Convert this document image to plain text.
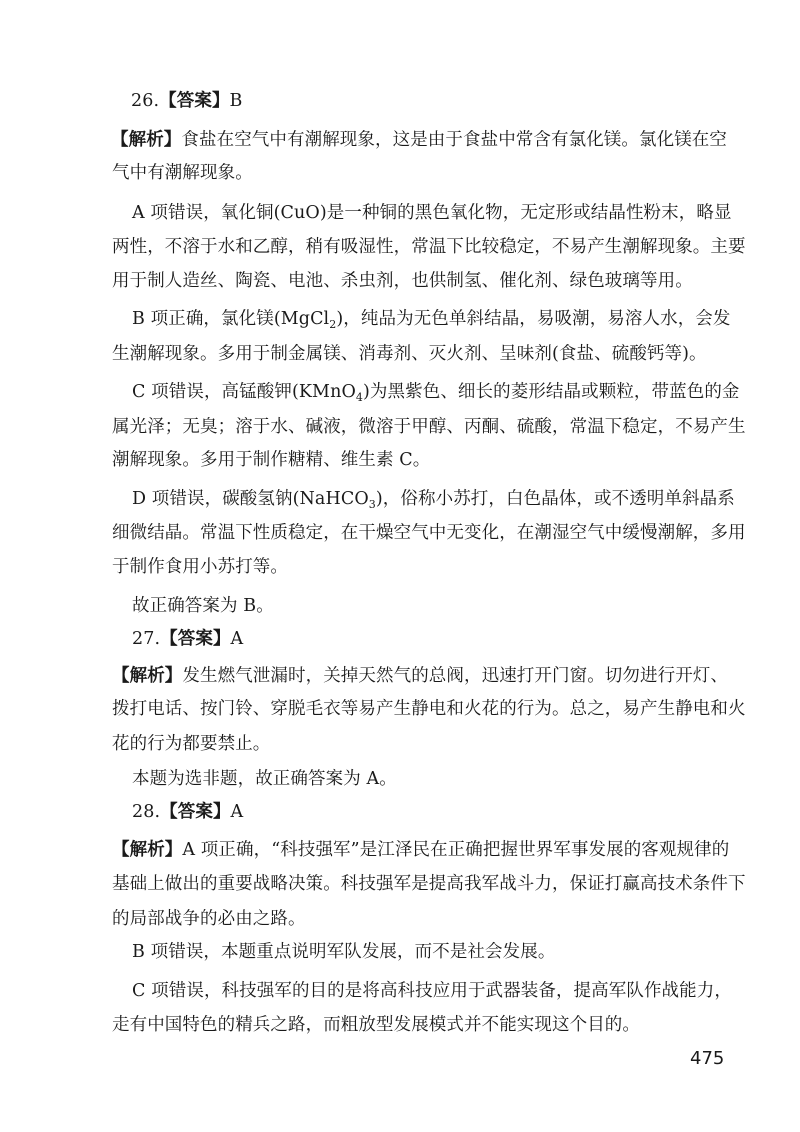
26.【答案】B
【解析】食盐在空气中有潮解现象，这是由于食盐中常含有氯化镁。氯化镁在空
气中有潮解现象。
A 项错误，氧化铜(CuO)是一种铜的黑色氧化物，无定形或结晶性粉末，略显
两性，不溶于水和乙醇，稍有吸湿性，常温下比较稳定，不易产生潮解现象。主要
用于制人造丝、陶瓷、电池、杀虫剂，也供制氢、催化剂、绿色玻璃等用。
B 项正确，氯化镁(MgCl$_2$)，纯品为无色单斜结晶，易吸潮，易溶人水，会发
生潮解现象。多用于制金属镁、消毒剂、灭火剂、呈味剂(食盐、硫酸钙等)。
C 项错误，高锰酸钾(KMnO$_4$)为黑紫色、细长的菱形结晶或颗粒，带蓝色的金
属光泽；无臭；溶于水、碱液，微溶于甲醇、丙酮、硫酸，常温下稳定，不易产生
潮解现象。多用于制作糖精、维生素 C。
D 项错误，碳酸氢钠(NaHCO$_3$)，俗称小苏打，白色晶体，或不透明单斜晶系
细微结晶。常温下性质稳定，在干燥空气中无变化，在潮湿空气中缓慢潮解，多用
于制作食用小苏打等。
故正确答案为 B。
27.【答案】A
【解析】发生燃气泄漏时，关掉天然气的总阀，迅速打开门窗。切勿进行开灯、
拨打电话、按门铃、穿脱毛衣等易产生静电和火花的行为。总之，易产生静电和火
花的行为都要禁止。
本题为选非题，故正确答案为 A。
28.【答案】A
【解析】A 项正确，“科技强军”是江泽民在正确把握世界军事发展的客观规律的
基础上做出的重要战略决策。科技强军是提高我军战斗力，保证打赢高技术条件下
的局部战争的必由之路。
B 项错误，本题重点说明军队发展，而不是社会发展。
C 项错误，科技强军的目的是将高科技应用于武器装备，提高军队作战能力，
走有中国特色的精兵之路，而粗放型发展模式并不能实现这个目的。
475
